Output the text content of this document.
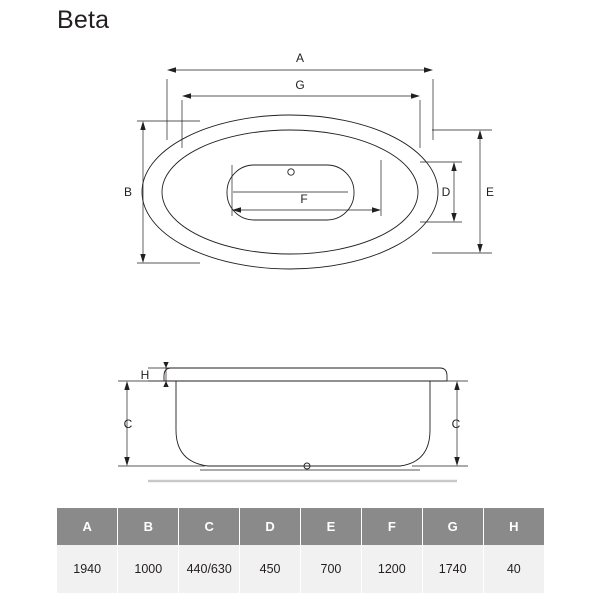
Beta
A
G
B	E
D
F
H
C	C
A	B	C	D	E	F	G	H
1940	1000	440/630	450	700	1200	1740	40
